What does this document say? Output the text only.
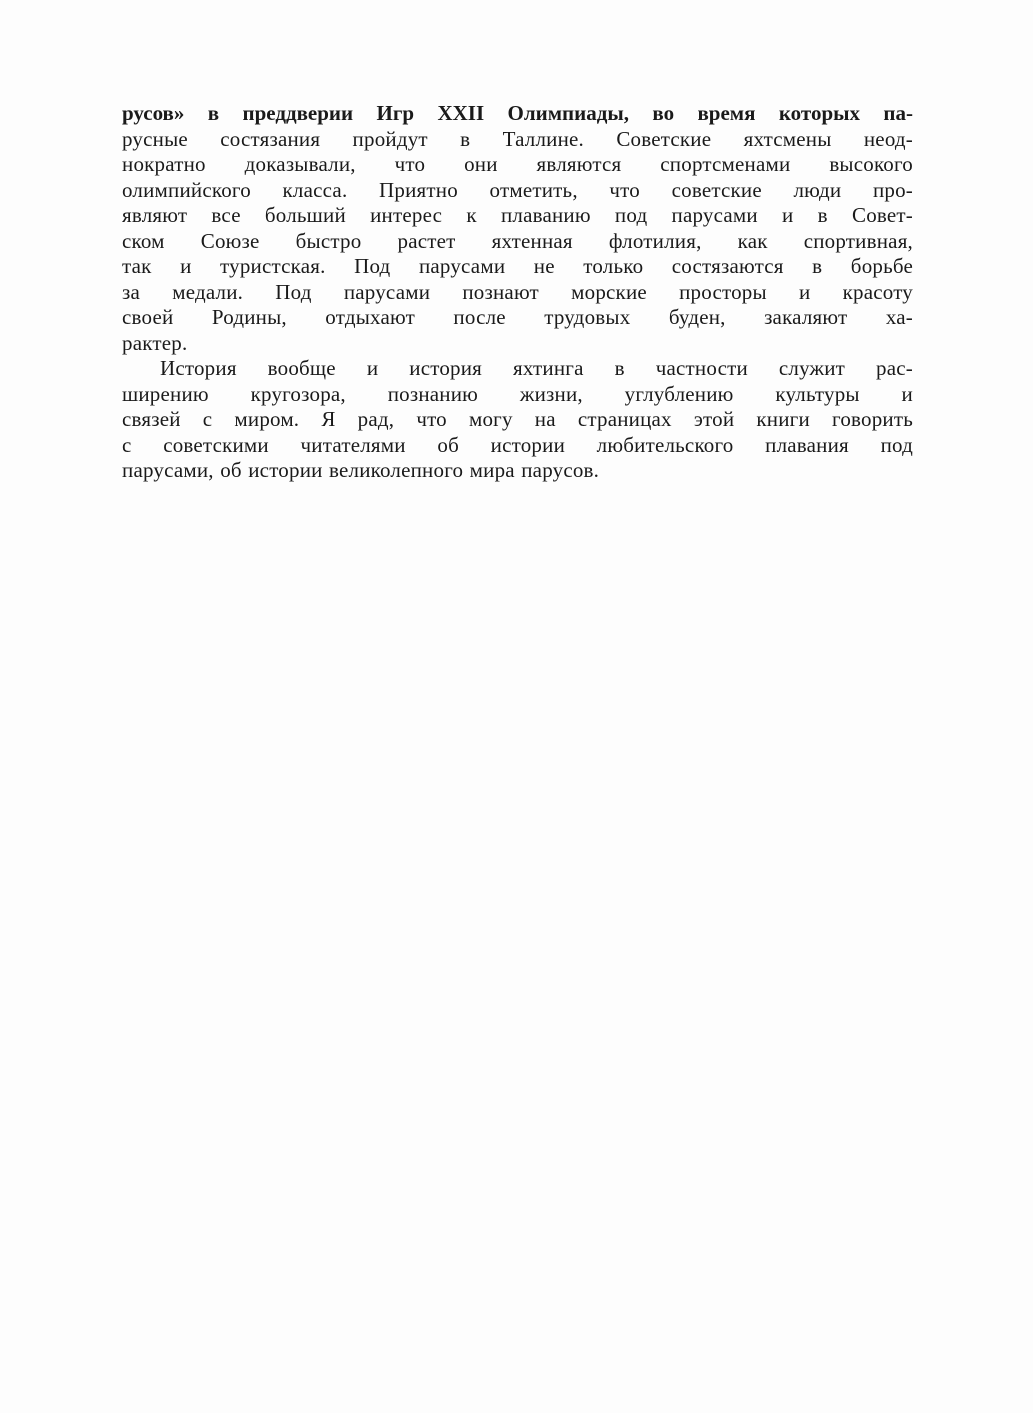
русов» в преддверии Игр XXII Олимпиады, во время которых па-
русные состязания пройдут в Таллине. Советские яхтсмены неод-
нократно доказывали, что они являются спортсменами высокого
олимпийского класса. Приятно отметить, что советские люди про-
являют все больший интерес к плаванию под парусами и в Совет-
ском Союзе быстро растет яхтенная флотилия, как спортивная,
так и туристская. Под парусами не только состязаются в борьбе
за медали. Под парусами познают морские просторы и красоту
своей Родины, отдыхают после трудовых буден, закаляют ха-
рактер.
История вообще и история яхтинга в частности служит рас-
ширению кругозора, познанию жизни, углублению культуры и
связей с миром. Я рад, что могу на страницах этой книги говорить
с советскими читателями об истории любительского плавания под
парусами, об истории великолепного мира парусов.
